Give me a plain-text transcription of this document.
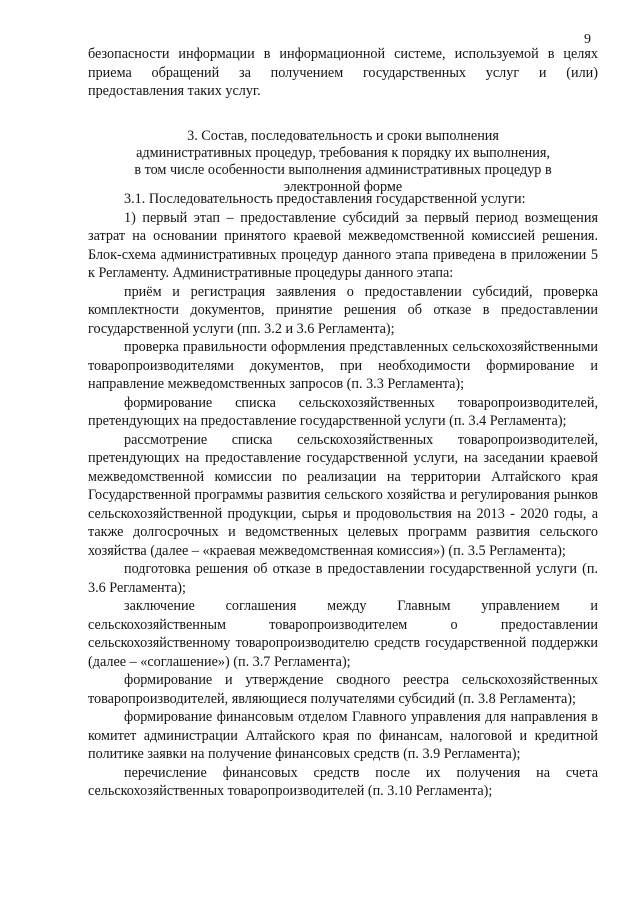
9

безопасности информации в информационной системе, используемой в целях

приема обращений за получением государственных услуг и (или)

предоставления таких услуг.

3. Состав, последовательность и сроки выполнения
административных процедур, требования к порядку их выполнения,
в том числе особенности выполнения административных процедур в
электронной форме

3.1. Последовательность предоставления государственной услуги:

1) первый этап – предоставление субсидий за первый период возмещения затрат на основании принятого краевой межведомственной комиссией решения. Блок-схема административных процедур данного этапа приведена в приложении 5 к Регламенту. Административные процедуры данного этапа:

приём и регистрация заявления о предоставлении субсидий, проверка комплектности документов, принятие решения об отказе в предоставлении государственной услуги (пп. 3.2 и 3.6 Регламента);

проверка правильности оформления представленных сельскохозяйственными товаропроизводителями документов, при необходимости формирование и направление межведомственных запросов (п. 3.3 Регламента);

формирование списка сельскохозяйственных товаропроизводителей, претендующих на предоставление государственной услуги (п. 3.4 Регламента);

рассмотрение списка сельскохозяйственных товаропроизводителей, претендующих на предоставление государственной услуги, на заседании краевой межведомственной комиссии по реализации на территории Алтайского края Государственной программы развития сельского хозяйства и регулирования рынков сельскохозяйственной продукции, сырья и продовольствия на 2013 - 2020 годы, а также долгосрочных и ведомственных целевых программ развития сельского хозяйства (далее – «краевая межведомственная комиссия») (п. 3.5 Регламента);

подготовка решения об отказе в предоставлении государственной услуги (п. 3.6 Регламента);

заключение соглашения между Главным управлением и сельскохозяйственным товаропроизводителем о предоставлении сельскохозяйственному товаропроизводителю средств государственной поддержки (далее – «соглашение») (п. 3.7 Регламента);

формирование и утверждение сводного реестра сельскохозяйственных товаропроизводителей, являющиеся получателями субсидий (п. 3.8 Регламента);

формирование финансовым отделом Главного управления для направления в комитет администрации Алтайского края по финансам, налоговой и кредитной политике заявки на получение финансовых средств (п. 3.9 Регламента);

перечисление финансовых средств после их получения на счета сельскохозяйственных товаропроизводителей (п. 3.10 Регламента);
